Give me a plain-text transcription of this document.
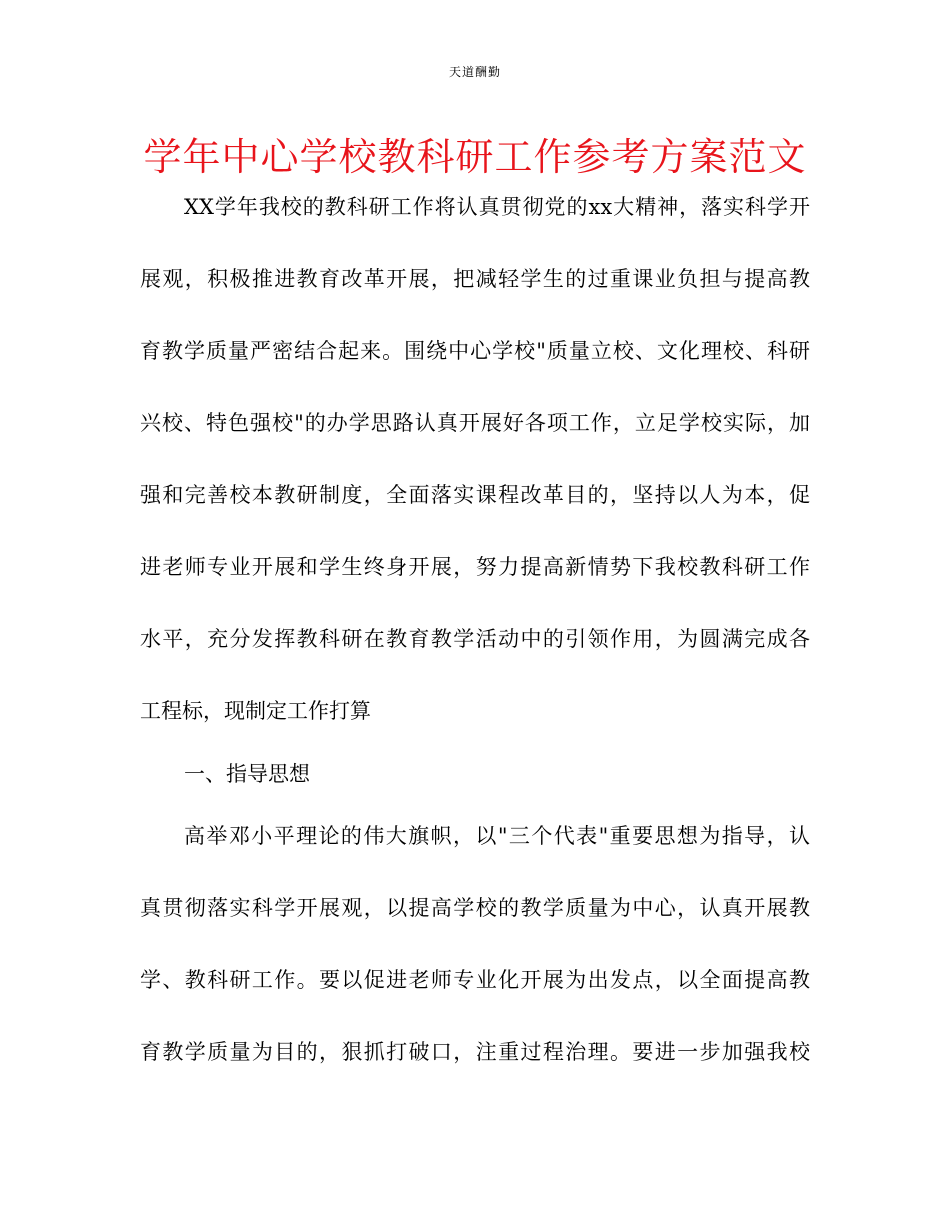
天道酬勤
学年中心学校教科研工作参考方案范文
XX学年我校的教科研工作将认真贯彻党的xx大精神，落实科学开
展观，积极推进教育改革开展，把减轻学生的过重课业负担与提高教
育教学质量严密结合起来。围绕中心学校"质量立校、文化理校、科研
兴校、特色强校"的办学思路认真开展好各项工作，立足学校实际，加
强和完善校本教研制度，全面落实课程改革目的，坚持以人为本，促
进老师专业开展和学生终身开展，努力提高新情势下我校教科研工作
水平，充分发挥教科研在教育教学活动中的引领作用，为圆满完成各
工程标，现制定工作打算
一、指导思想
高举邓小平理论的伟大旗帜，以"三个代表"重要思想为指导，认
真贯彻落实科学开展观，以提高学校的教学质量为中心，认真开展教
学、教科研工作。要以促进老师专业化开展为出发点，以全面提高教
育教学质量为目的，狠抓打破口，注重过程治理。要进一步加强我校
